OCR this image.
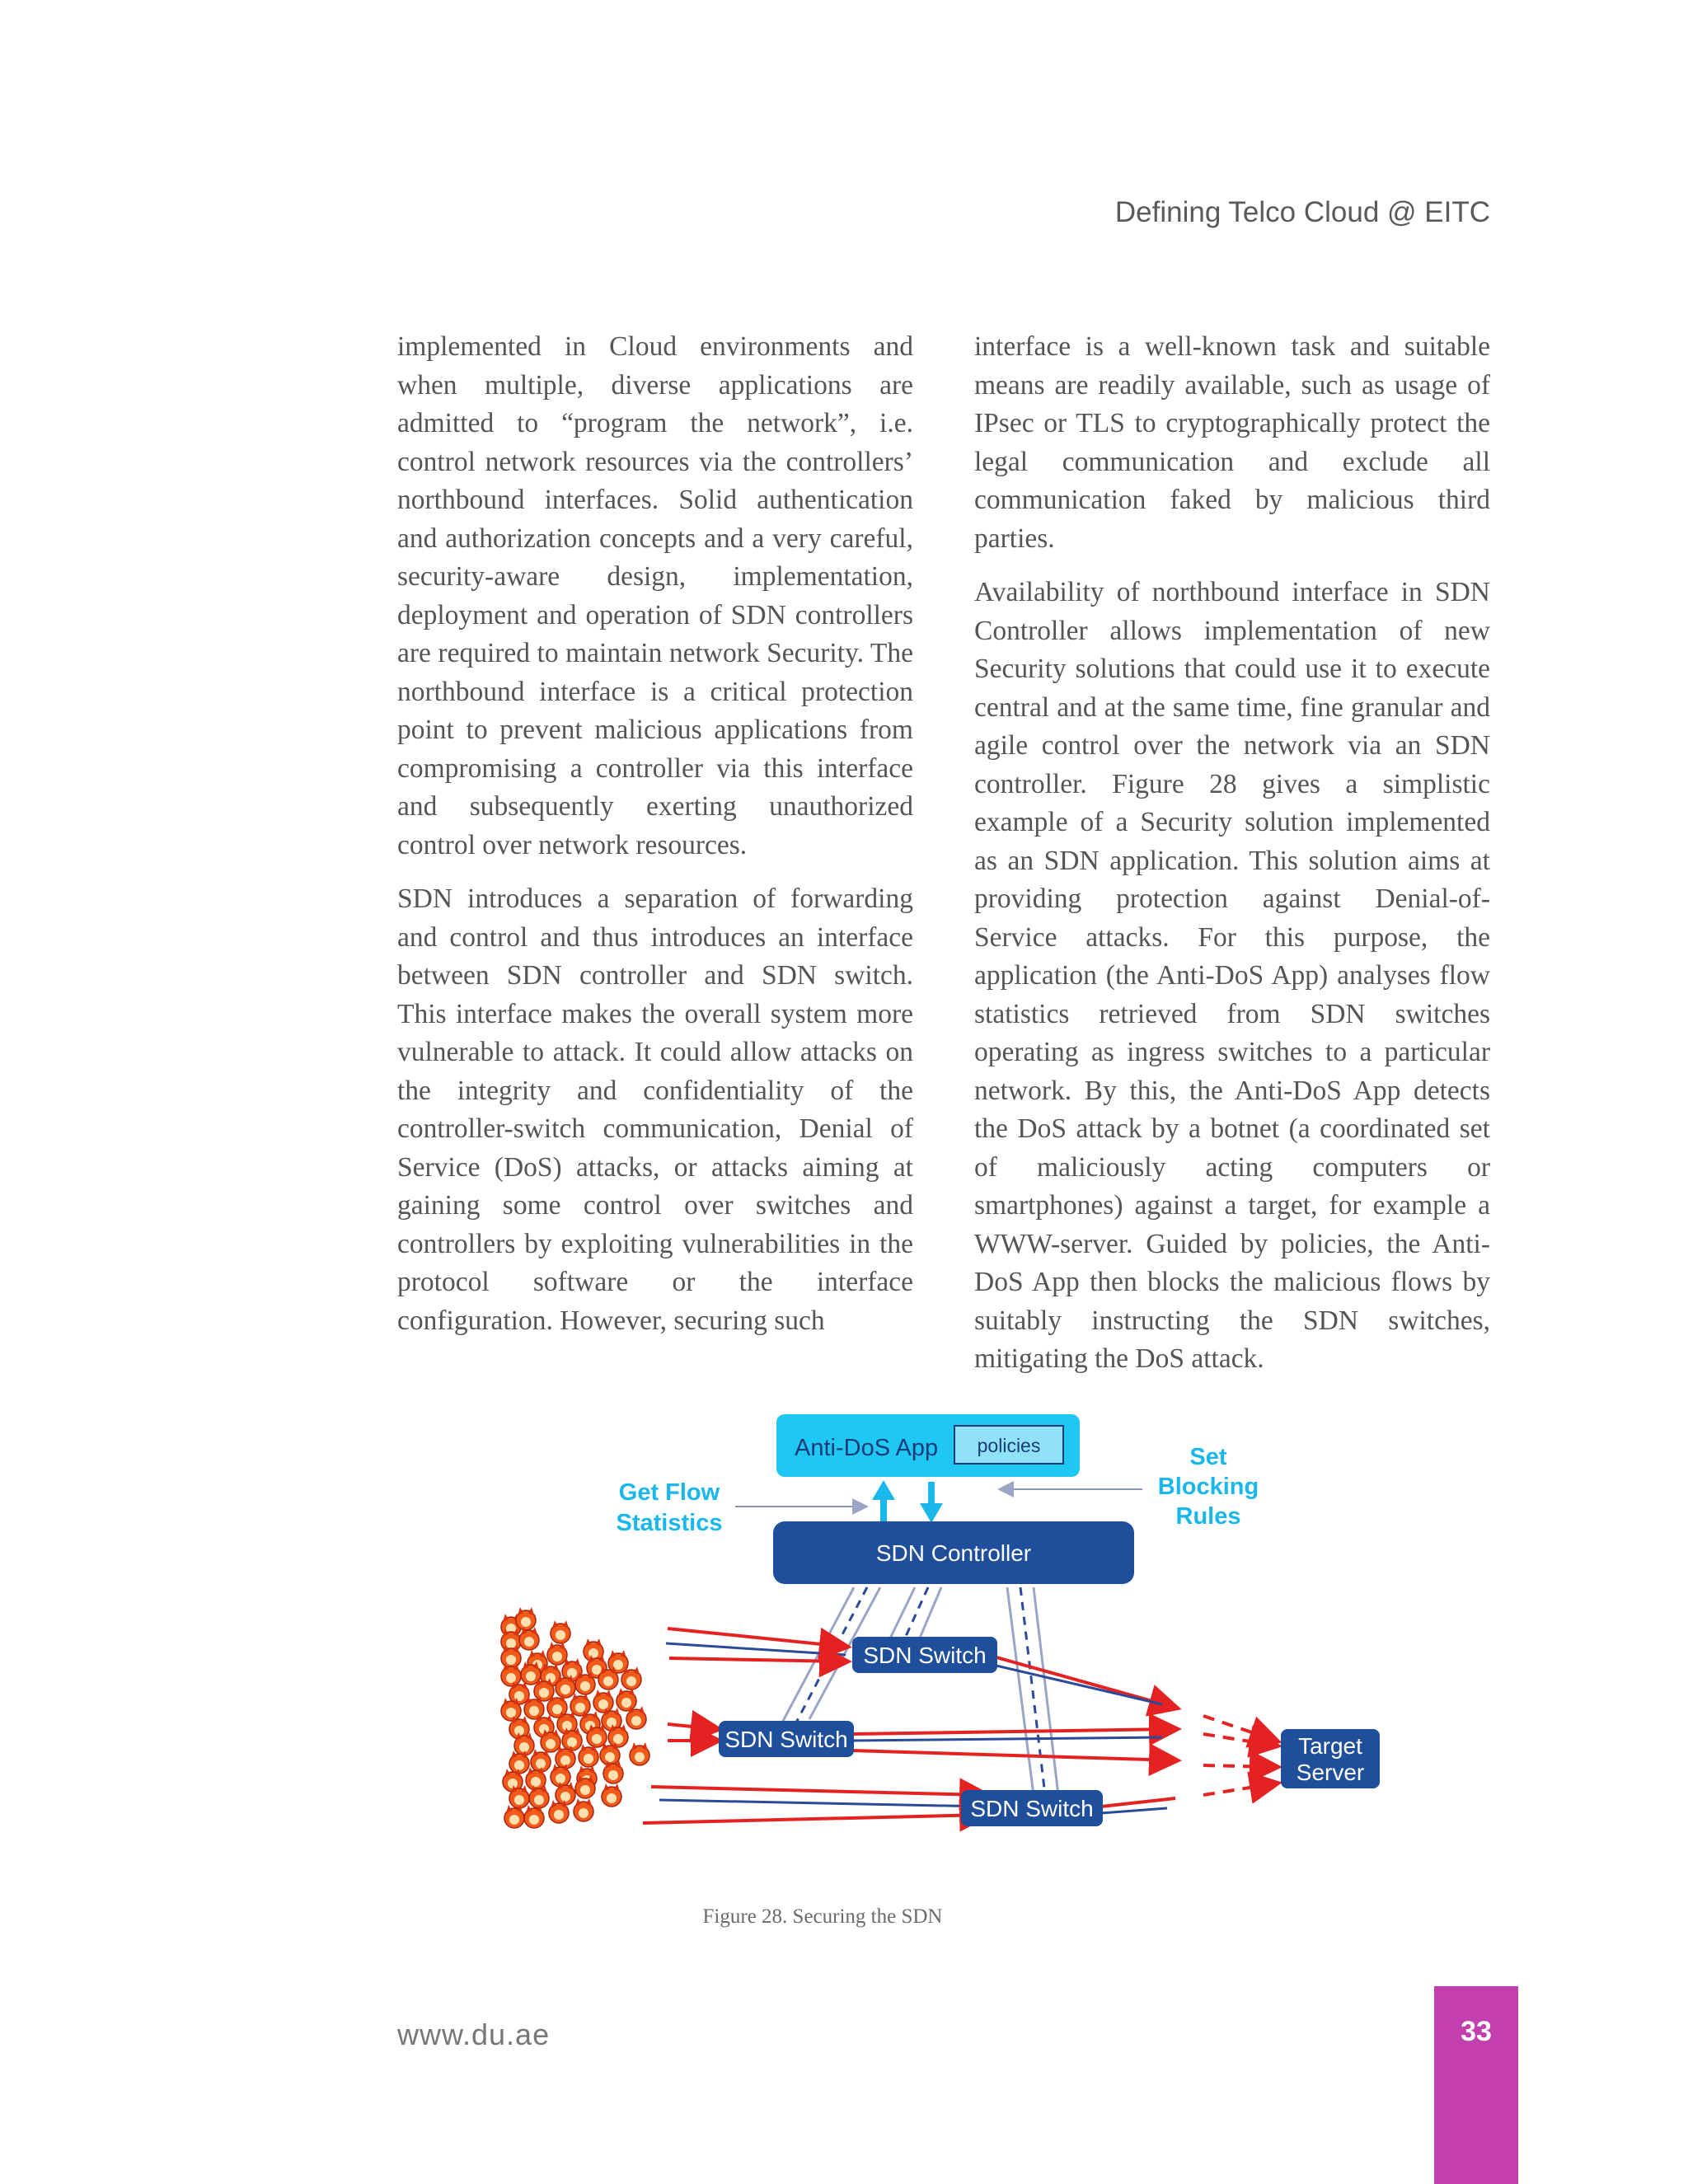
Defining Telco Cloud @ EITC

implemented in Cloud environments and when multiple, diverse applications are admitted to “program the network”, i.e. control network resources via the controllers’ northbound interfaces. Solid authentication and authorization concepts and a very careful, security-aware design, implementation, deployment and operation of SDN controllers are required to maintain network Security. The northbound interface is a critical protection point to prevent malicious applications from compromising a controller via this interface and subsequently exerting unauthorized control over network resources.

SDN introduces a separation of forwarding and control and thus introduces an interface between SDN controller and SDN switch. This interface makes the overall system more vulnerable to attack. It could allow attacks on the integrity and confidentiality of the controller-switch communication, Denial of Service (DoS) attacks, or attacks aiming at gaining some control over switches and controllers by exploiting vulnerabilities in the protocol software or the interface configuration. However, securing such

interface is a well-known task and suitable means are readily available, such as usage of IPsec or TLS to cryptographically protect the legal communication and exclude all communication faked by malicious third parties.

Availability of northbound interface in SDN Controller allows implementation of new Security solutions that could use it to execute central and at the same time, fine granular and agile control over the network via an SDN controller. Figure 28 gives a simplistic example of a Security solution implemented as an SDN application. This solution aims at providing protection against Denial-of-Service attacks. For this purpose, the application (the Anti-DoS App) analyses flow statistics retrieved from SDN switches operating as ingress switches to a particular network. By this, the Anti-DoS App detects the DoS attack by a botnet (a coordinated set of maliciously acting computers or smartphones) against a target, for example a WWW-server. Guided by policies, the Anti-DoS App then blocks the malicious flows by suitably instructing the SDN switches, mitigating the DoS attack.

Anti-DoS App policies
Get Flow
Statistics
Set
Blocking
Rules
SDN Controller
SDN Switch
SDN Switch
SDN Switch
Target
Server
Figure 28. Securing the SDN
www.du.ae	33
